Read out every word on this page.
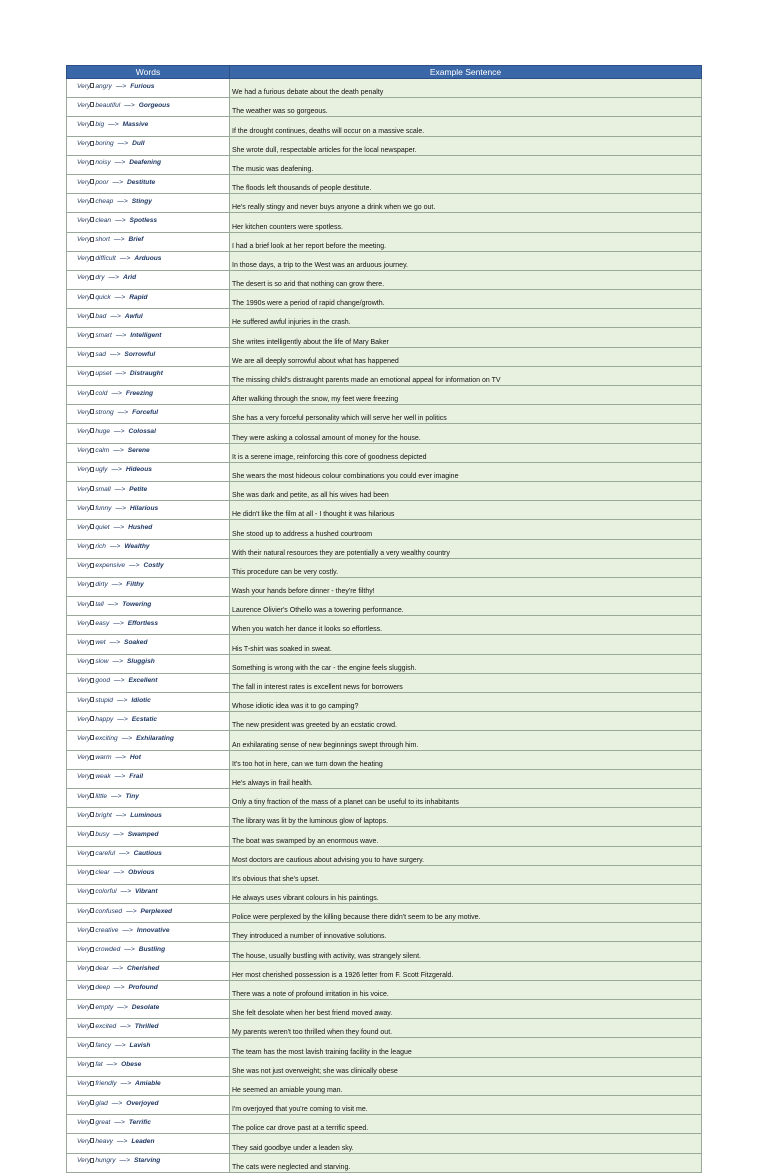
Words	Example Sentence
Very angry —> Furious	We had a furious debate about the death penalty
Very beautiful —> Gorgeous	The weather was so gorgeous.
Very big —> Massive	If the drought continues, deaths will occur on a massive scale.
Very boring —> Dull	She wrote dull, respectable articles for the local newspaper.
Very noisy —> Deafening	The music was deafening.
Very poor —> Destitute	The floods left thousands of people destitute.
Very cheap —> Stingy	He's really stingy and never buys anyone a drink when we go out.
Very clean —> Spotless	Her kitchen counters were spotless.
Very short —> Brief	I had a brief look at her report before the meeting.
Very difficult —> Arduous	In those days, a trip to the West was an arduous journey.
Very dry —> Arid	The desert is so arid that nothing can grow there.
Very quick —> Rapid	The 1990s were a period of rapid change/growth.
Very bad —> Awful	He suffered awful injuries in the crash.
Very smart —> Intelligent	She writes intelligently about the life of Mary Baker
Very sad —> Sorrowful	We are all deeply sorrowful about what has happened
Very upset —> Distraught	The missing child's distraught parents made an emotional appeal for information on TV
Very cold —> Freezing	After walking through the snow, my feet were freezing
Very strong —> Forceful	She has a very forceful personality which will serve her well in politics
Very huge —> Colossal	They were asking a colossal amount of money for the house.
Very calm —> Serene	It is a serene image, reinforcing this core of goodness depicted
Very ugly —> Hideous	She wears the most hideous colour combinations you could ever imagine
Very small —> Petite	She was dark and petite, as all his wives had been
Very funny —> Hilarious	He didn't like the film at all - I thought it was hilarious
Very quiet —> Hushed	She stood up to address a hushed courtroom
Very rich —> Wealthy	With their natural resources they are potentially a very wealthy country
Very expensive —> Costly	This procedure can be very costly.
Very dirty —> Filthy	Wash your hands before dinner - they're filthy!
Very tall —> Towering	Laurence Olivier's Othello was a towering performance.
Very easy —> Effortless	When you watch her dance it looks so effortless.
Very wet —> Soaked	His T-shirt was soaked in sweat.
Very slow —> Sluggish	Something is wrong with the car - the engine feels sluggish.
Very good —> Excellent	The fall in interest rates is excellent news for borrowers
Very stupid —> Idiotic	Whose idiotic idea was it to go camping?
Very happy —> Ecstatic	The new president was greeted by an ecstatic crowd.
Very exciting —> Exhilarating	An exhilarating sense of new beginnings swept through him.
Very warm —> Hot	It's too hot in here, can we turn down the heating
Very weak —> Frail	He's always in frail health.
Very little —> Tiny	Only a tiny fraction of the mass of a planet can be useful to its inhabitants
Very bright —> Luminous	The library was lit by the luminous glow of laptops.
Very busy —> Swamped	The boat was swamped by an enormous wave.
Very careful —> Cautious	Most doctors are cautious about advising you to have surgery.
Very clear —> Obvious	It's obvious that she's upset.
Very colorful —> Vibrant	He always uses vibrant colours in his paintings.
Very confused —> Perplexed	Police were perplexed by the killing because there didn't seem to be any motive.
Very creative —> Innovative	They introduced a number of innovative solutions.
Very crowded —> Bustling	The house, usually bustling with activity, was strangely silent.
Very dear —> Cherished	Her most cherished possession is a 1926 letter from F. Scott Fitzgerald.
Very deep —> Profound	There was a note of profound irritation in his voice.
Very empty —> Desolate	She felt desolate when her best friend moved away.
Very excited —> Thrilled	My parents weren't too thrilled when they found out.
Very fancy —> Lavish	The team has the most lavish training facility in the league
Very fat —> Obese	She was not just overweight; she was clinically obese
Very friendly —> Amiable	He seemed an amiable young man.
Very glad —> Overjoyed	I'm overjoyed that you're coming to visit me.
Very great —> Terrific	The police car drove past at a terrific speed.
Very heavy —> Leaden	They said goodbye under a leaden sky.
Very hungry —> Starving	The cats were neglected and starving.
